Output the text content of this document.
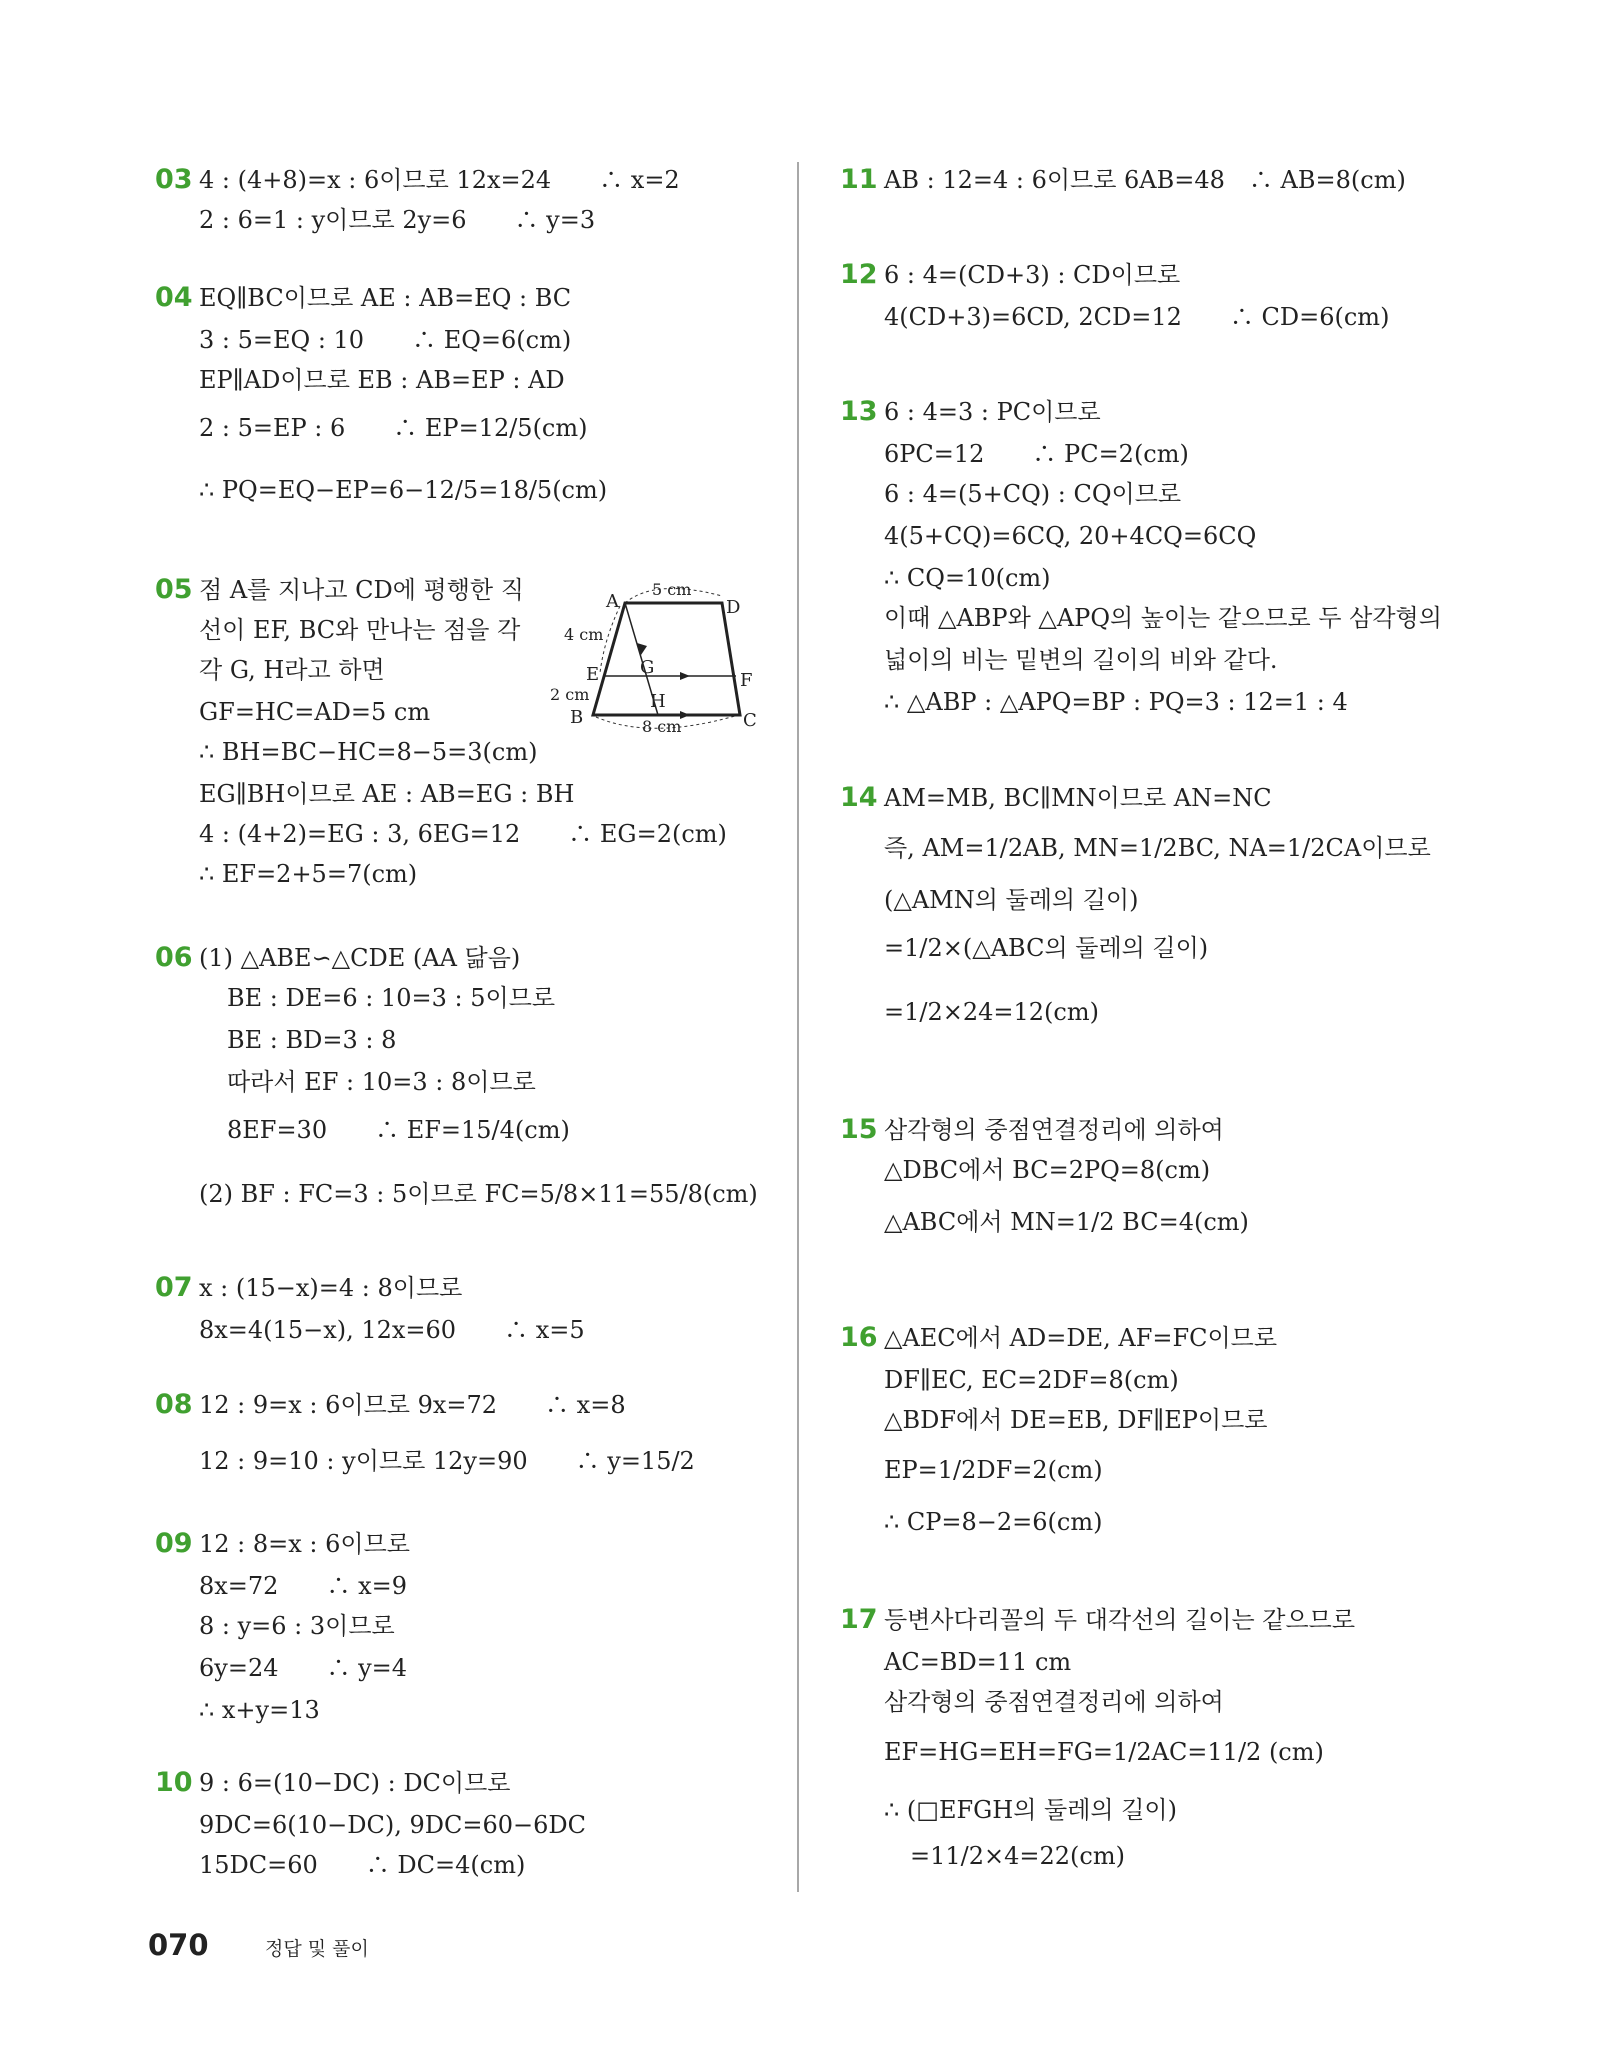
A	D
E	F
G
H
B	C
5 cm
4 cm
2 cm
8 cm
070	정답 및 풀이
03 4 : (4+8)=x : 6이므로 12x=24　　∴ x=2
2 : 6=1 : y이므로 2y=6　　∴ y=3
04 EQ∥BC이므로 AE : AB=EQ : BC
3 : 5=EQ : 10　　∴ EQ=6(cm)
EP∥AD이므로 EB : AB=EP : AD
2 : 5=EP : 6　　∴ EP=12/5(cm)
∴ PQ=EQ−EP=6−12/5=18/5(cm)
05 점 A를 지나고 CD에 평행한 직
선이 EF, BC와 만나는 점을 각
각 G, H라고 하면
GF=HC=AD=5 cm
∴ BH=BC−HC=8−5=3(cm)
EG∥BH이므로 AE : AB=EG : BH
4 : (4+2)=EG : 3, 6EG=12　　∴ EG=2(cm)
∴ EF=2+5=7(cm)
06 (1) △ABE∽△CDE (AA 닮음)
BE : DE=6 : 10=3 : 5이므로
BE : BD=3 : 8
따라서 EF : 10=3 : 8이므로
8EF=30　　∴ EF=15/4(cm)
(2) BF : FC=3 : 5이므로 FC=5/8×11=55/8(cm)
07 x : (15−x)=4 : 8이므로
8x=4(15−x), 12x=60　　∴ x=5
08 12 : 9=x : 6이므로 9x=72　　∴ x=8
12 : 9=10 : y이므로 12y=90　　∴ y=15/2
09 12 : 8=x : 6이므로
8x=72　　∴ x=9
8 : y=6 : 3이므로
6y=24　　∴ y=4
∴ x+y=13
10 9 : 6=(10−DC) : DC이므로
9DC=6(10−DC), 9DC=60−6DC
15DC=60　　∴ DC=4(cm)
11 AB : 12=4 : 6이므로 6AB=48　∴ AB=8(cm)
12 6 : 4=(CD+3) : CD이므로
4(CD+3)=6CD, 2CD=12　　∴ CD=6(cm)
13 6 : 4=3 : PC이므로
6PC=12　　∴ PC=2(cm)
6 : 4=(5+CQ) : CQ이므로
4(5+CQ)=6CQ, 20+4CQ=6CQ
∴ CQ=10(cm)
이때 △ABP와 △APQ의 높이는 같으므로 두 삼각형의
넓이의 비는 밑변의 길이의 비와 같다.
∴ △ABP : △APQ=BP : PQ=3 : 12=1 : 4
14 AM=MB, BC∥MN이므로 AN=NC
즉, AM=1/2AB, MN=1/2BC, NA=1/2CA이므로
(△AMN의 둘레의 길이)
=1/2×(△ABC의 둘레의 길이)
=1/2×24=12(cm)
15 삼각형의 중점연결정리에 의하여
△DBC에서 BC=2PQ=8(cm)
△ABC에서 MN=1/2 BC=4(cm)
16 △AEC에서 AD=DE, AF=FC이므로
DF∥EC, EC=2DF=8(cm)
△BDF에서 DE=EB, DF∥EP이므로
EP=1/2DF=2(cm)
∴ CP=8−2=6(cm)
17 등변사다리꼴의 두 대각선의 길이는 같으므로
AC=BD=11 cm
삼각형의 중점연결정리에 의하여
EF=HG=EH=FG=1/2AC=11/2 (cm)
∴ (□EFGH의 둘레의 길이)
=11/2×4=22(cm)
